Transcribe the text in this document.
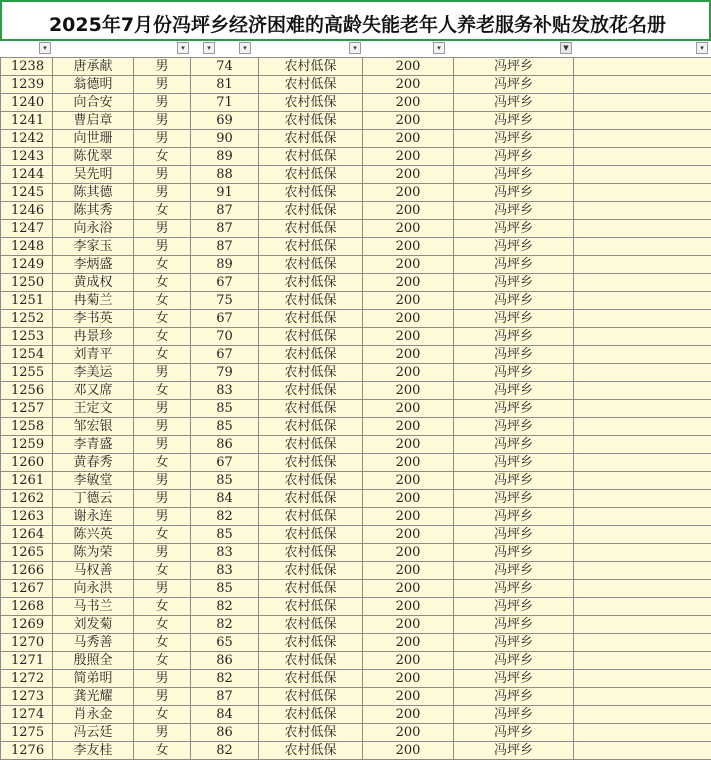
2025年7月份冯坪乡经济困难的高龄失能老年人养老服务补贴发放花名册
▾	▾	▾	▾	▾	▾	▼	▾
1238	唐承献	男	74	农村低保	200	冯坪乡	
1239	翁德明	男	81	农村低保	200	冯坪乡	
1240	向合安	男	71	农村低保	200	冯坪乡	
1241	曹启章	男	69	农村低保	200	冯坪乡	
1242	向世珊	男	90	农村低保	200	冯坪乡	
1243	陈优翠	女	89	农村低保	200	冯坪乡	
1244	吴先明	男	88	农村低保	200	冯坪乡	
1245	陈其德	男	91	农村低保	200	冯坪乡	
1246	陈其秀	女	87	农村低保	200	冯坪乡	
1247	向永浴	男	87	农村低保	200	冯坪乡	
1248	李家玉	男	87	农村低保	200	冯坪乡	
1249	李炳盛	女	89	农村低保	200	冯坪乡	
1250	黄成权	女	67	农村低保	200	冯坪乡	
1251	冉菊兰	女	75	农村低保	200	冯坪乡	
1252	李书英	女	67	农村低保	200	冯坪乡	
1253	冉景珍	女	70	农村低保	200	冯坪乡	
1254	刘青平	女	67	农村低保	200	冯坪乡	
1255	李美运	男	79	农村低保	200	冯坪乡	
1256	邓又席	女	83	农村低保	200	冯坪乡	
1257	王定文	男	85	农村低保	200	冯坪乡	
1258	邹宏银	男	85	农村低保	200	冯坪乡	
1259	李青盛	男	86	农村低保	200	冯坪乡	
1260	黄春秀	女	67	农村低保	200	冯坪乡	
1261	李敏堂	男	85	农村低保	200	冯坪乡	
1262	丁德云	男	84	农村低保	200	冯坪乡	
1263	谢永连	男	82	农村低保	200	冯坪乡	
1264	陈兴英	女	85	农村低保	200	冯坪乡	
1265	陈为荣	男	83	农村低保	200	冯坪乡	
1266	马权善	女	83	农村低保	200	冯坪乡	
1267	向永洪	男	85	农村低保	200	冯坪乡	
1268	马书兰	女	82	农村低保	200	冯坪乡	
1269	刘发菊	女	82	农村低保	200	冯坪乡	
1270	马秀善	女	65	农村低保	200	冯坪乡	
1271	殷照全	女	86	农村低保	200	冯坪乡	
1272	简弟明	男	82	农村低保	200	冯坪乡	
1273	龚光耀	男	87	农村低保	200	冯坪乡	
1274	肖永金	女	84	农村低保	200	冯坪乡	
1275	冯云廷	男	86	农村低保	200	冯坪乡	
1276	李友桂	女	82	农村低保	200	冯坪乡	
